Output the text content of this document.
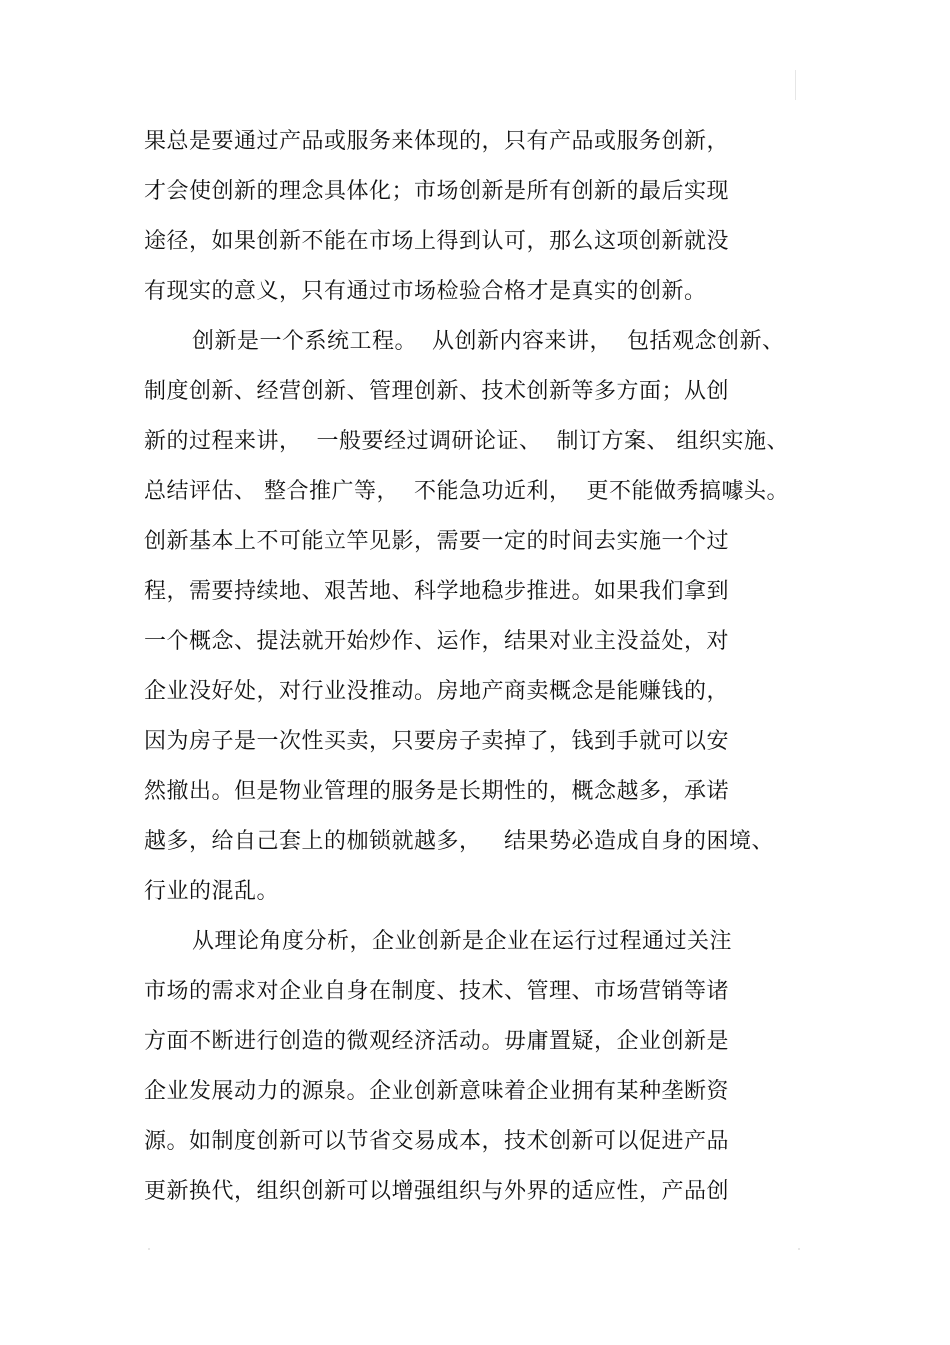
果总是要通过产品或服务来体现的，只有产品或服务创新，
才会使创新的理念具体化；市场创新是所有创新的最后实现
途径，如果创新不能在市场上得到认可，那么这项创新就没
有现实的意义，只有通过市场检验合格才是真实的创新。
创新是一个系统工程。  从创新内容来讲，  包括观念创新、
制度创新、经营创新、管理创新、技术创新等多方面；从创
新的过程来讲，  一般要经过调研论证、  制订方案、 组织实施、
总结评估、 整合推广等，  不能急功近利，  更不能做秀搞噱头。
创新基本上不可能立竿见影，需要一定的时间去实施一个过
程，需要持续地、艰苦地、科学地稳步推进。如果我们拿到
一个概念、提法就开始炒作、运作，结果对业主没益处，对
企业没好处，对行业没推动。房地产商卖概念是能赚钱的，
因为房子是一次性买卖，只要房子卖掉了，钱到手就可以安
然撤出。但是物业管理的服务是长期性的，概念越多，承诺
越多，给自己套上的枷锁就越多，   结果势必造成自身的困境、
行业的混乱。
从理论角度分析，企业创新是企业在运行过程通过关注
市场的需求对企业自身在制度、技术、管理、市场营销等诸
方面不断进行创造的微观经济活动。毋庸置疑，企业创新是
企业发展动力的源泉。企业创新意味着企业拥有某种垄断资
源。如制度创新可以节省交易成本，技术创新可以促进产品
更新换代，组织创新可以增强组织与外界的适应性，产品创
